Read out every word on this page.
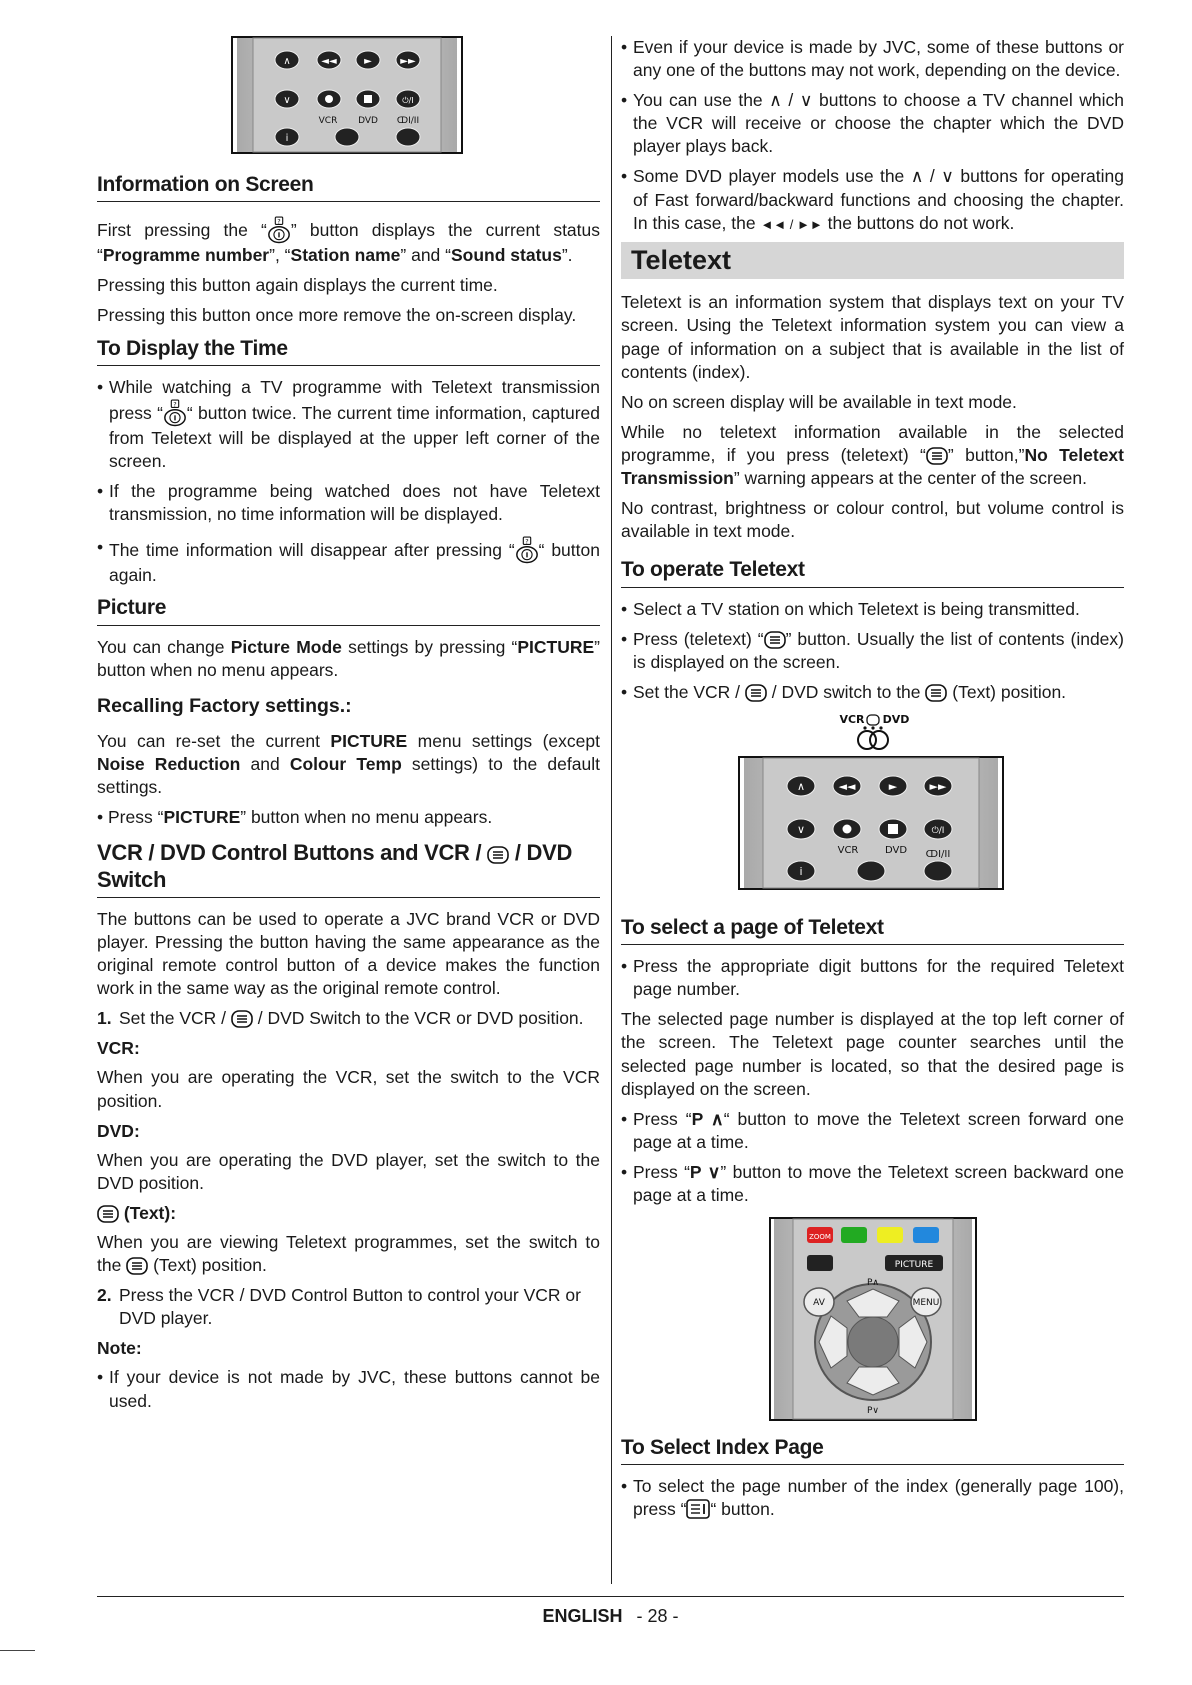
∧	◄◄	►	►►
∨	⏻/I
i
VCR DVD ↀI/II
Information on Screen

First pressing the “ ” button displays the current status “Programme number”, “Station name” and “Sound status”.

Pressing this button again displays the current time.

Pressing this button once more remove the on-screen display.

To Display the Time
• While watching a TV programme with Teletext transmission press “ “ button twice. The current time information, captured from Teletext will be displayed at the upper left corner of the screen.
• If the programme being watched does not have Teletext transmission, no time information will be displayed.
• The time information will disappear after pressing “ “ button again.
Picture

You can change Picture Mode settings by pressing “PICTURE” button when no menu appears.

Recalling Factory settings.:

You can re-set the current PICTURE menu settings (except Noise Reduction and Colour Temp settings) to the default settings.

• Press “PICTURE” button when no menu appears.

VCR / DVD Control Buttons and VCR /  / DVD Switch

The buttons can be used to operate a JVC brand VCR or DVD player. Pressing the button having the same appearance as the original remote control button of a device makes the function work in the same way as the original remote control.

1. Set the VCR /  / DVD Switch to the VCR or DVD position.
VCR:

When you are operating the VCR, set the switch to the VCR position.

DVD:

When you are operating the DVD player, set the switch to the DVD position.

(Text):

When you are viewing Teletext programmes, set the switch to the  (Text) position.

2. Press the VCR / DVD Control Button to control your VCR or DVD player.
Note:
• If your device is not made by JVC, these buttons cannot be used.
• Even if your device is made by JVC, some of these buttons or any one of the buttons may not work, depending on the device.
• You can use the ∧ / ∨ buttons to choose a TV channel which the VCR will receive or choose the chapter which the DVD player plays back.
• Some DVD player models use the ∧ / ∨ buttons for operating of Fast forward/backward functions and choosing the chapter. In this case, the ◄◄ / ►► the buttons do not work.
Teletext

Teletext is an information system that displays text on your TV screen. Using the Teletext information system you can view a page of information on a subject that is available in the list of contents (index).

No on screen display will be available in text mode.

While no teletext information available in the selected programme, if you press (teletext) “ ” button,”No Teletext Transmission” warning appears at the center of the screen.

No contrast, brightness or colour control, but volume control is available in text mode.

To operate Teletext
• Select a TV station on which Teletext is being transmitted.
• Press (teletext) “ ” button. Usually the list of contents (index) is displayed on the screen.
• Set the VCR /  / DVD switch to the  (Text) position.
VCR DVD
∧	◄◄	►	►►
∨	⏻/I
i
VCR	DVD ↀI/II
To select a page of Teletext
• Press the appropriate digit buttons for the required Teletext page number.

The selected page number is displayed at the top left corner of the screen. The Teletext page counter searches until the selected page number is located, so that the desired page is displayed on the screen.

• Press “P ∧“ button to move the Teletext screen forward one page at a time.
• Press “P ∨” button to move the Teletext screen backward one page at a time.
ZOOM
PICTURE
AV	MENU
P∧
P∨
To Select Index Page
• To select the page number of the index (generally page 100), press “ “ button.
ENGLISH - 28 -
